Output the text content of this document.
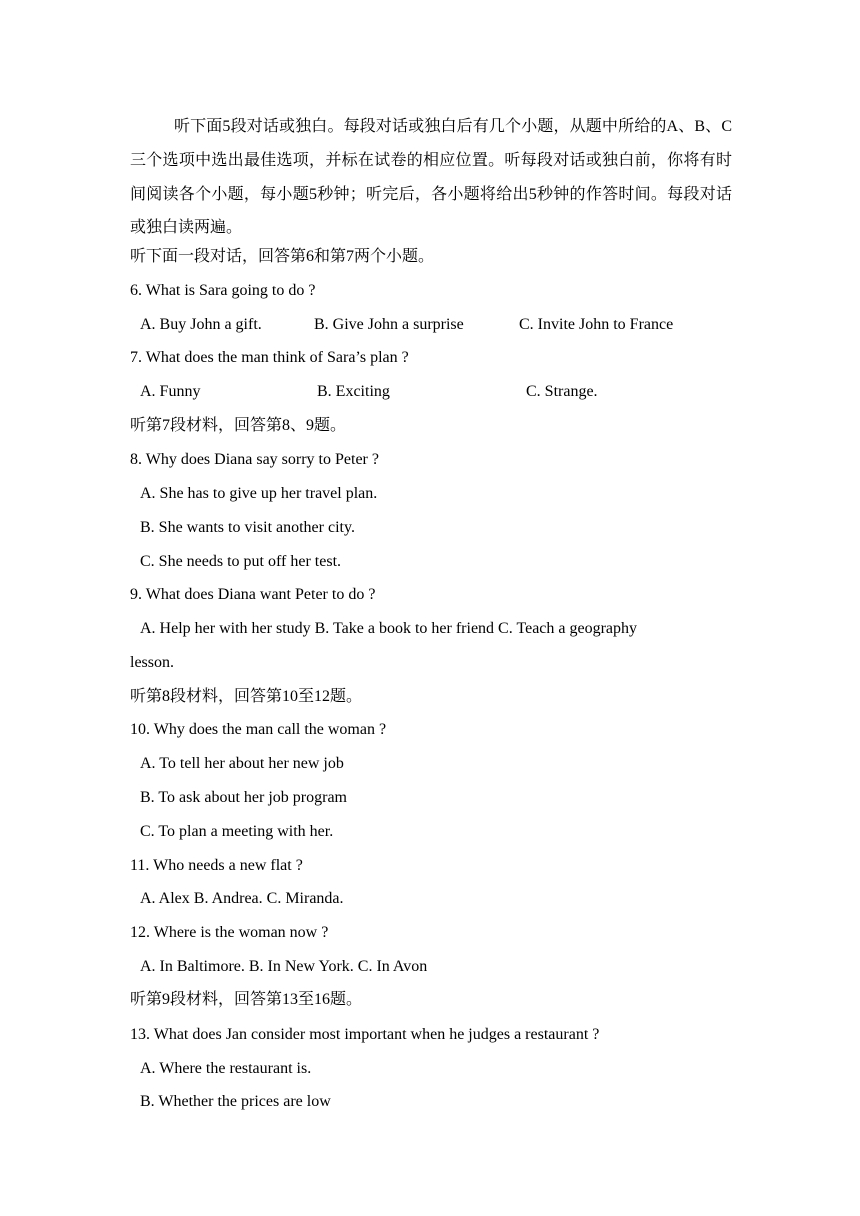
听下面5段对话或独白。每段对话或独白后有几个小题，从题中所给的A、B、C三个选项中选出最佳选项，并标在试卷的相应位置。听每段对话或独白前，你将有时间阅读各个小题，每小题5秒钟；听完后，各小题将给出5秒钟的作答时间。每段对话或独白读两遍。
听下面一段对话，回答第6和第7两个小题。
6. What is Sara going to do ?
A. Buy John a gift.	B. Give John a surprise	C. Invite John to France
7. What does the man think of Sara’s plan ?
A. Funny	B. Exciting	C. Strange.
听第7段材料，回答第8、9题。
8. Why does Diana say sorry to Peter ?
A. She has to give up her travel plan.
B. She wants to visit another city.
C. She needs to put off her test.
9. What does Diana want Peter to do ?
A. Help her with her study B. Take a book to her friend C. Teach a geography
lesson.
听第8段材料，回答第10至12题。
10. Why does the man call the woman ?
A. To tell her about her new job
B. To ask about her job program
C. To plan a meeting with her.
11. Who needs a new flat ?
A. Alex B. Andrea. C. Miranda.
12. Where is the woman now ?
A. In Baltimore. B. In New York. C. In Avon
听第9段材料，回答第13至16题。
13. What does Jan consider most important when he judges a restaurant ?
A. Where the restaurant is.
B. Whether the prices are low
